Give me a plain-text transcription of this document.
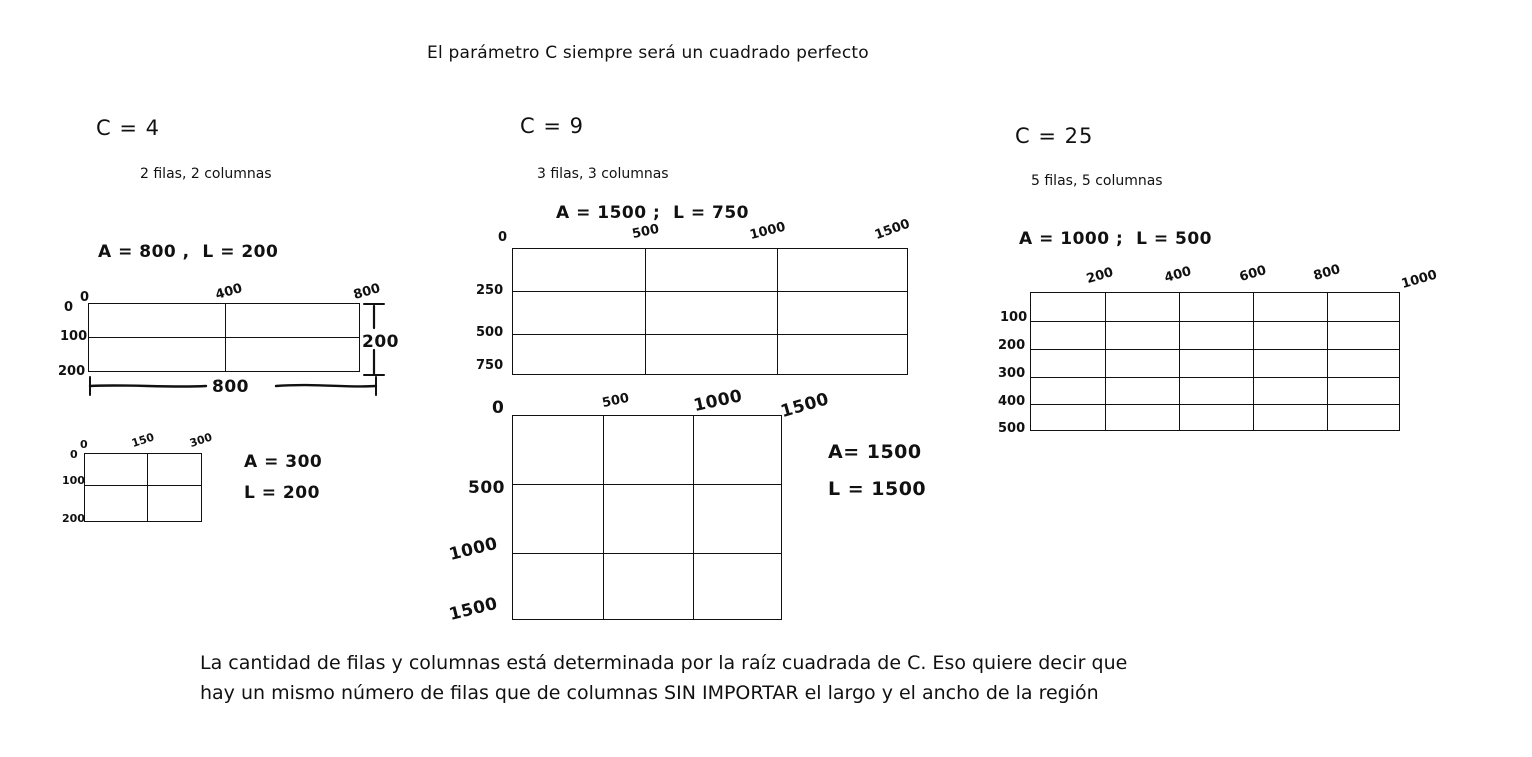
El parámetro C siempre será un cuadrado perfecto
C = 4
2 filas, 2 columnas
A = 800 ,  L = 200
0	400	800
0
100
200
800
200
0	150	300
0
100
200
A = 300
L = 200
C = 9
3 filas, 3 columnas
A = 1500 ;  L = 750
0	500	1000	1500
250
500
750
0	500	1000 1500
500
1000
1500
A= 1500
L = 1500
C = 25
5 filas, 5 columnas
A = 1000 ;  L = 500
200	400	600	800	1000
100
200
300
400
500
La cantidad de filas y columnas está determinada por la raíz cuadrada de C. Eso quiere decir que
hay un mismo número de filas que de columnas SIN IMPORTAR el largo y el ancho de la región
